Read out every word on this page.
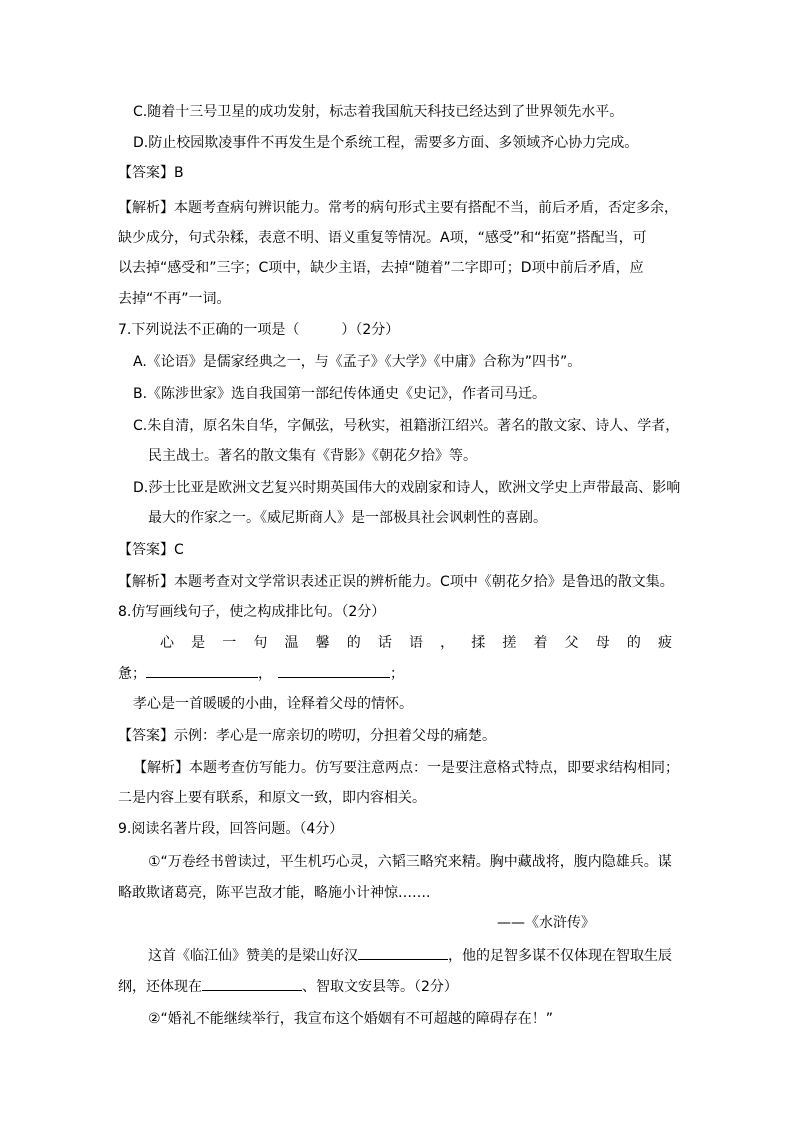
C.随着十三号卫星的成功发射，标志着我国航天科技已经达到了世界领先水平。
D.防止校园欺凌事件不再发生是个系统工程，需要多方面、多领域齐心协力完成。
【答案】B
【解析】本题考查病句辨识能力。常考的病句形式主要有搭配不当，前后矛盾，否定多余，
缺少成分，句式杂糅，表意不明、语义重复等情况。A项，“感受”和“拓宽”搭配当，可
以去掉“感受和”三字；C项中，缺少主语，去掉“随着”二字即可；D项中前后矛盾，应
去掉“不再”一词。
7.下列说法不正确的一项是（　　　）（2分）
A.《论语》是儒家经典之一，与《孟子》《大学》《中庸》合称为”四书”。
B.《陈涉世家》选自我国第一部纪传体通史《史记》，作者司马迁。
C.朱自清，原名朱自华，字佩弦，号秋实，祖籍浙江绍兴。著名的散文家、诗人、学者，
民主战士。著名的散文集有《背影》《朝花夕拾》等。
D.莎士比亚是欧洲文艺复兴时期英国伟大的戏剧家和诗人，欧洲文学史上声带最高、影响
最大的作家之一。《威尼斯商人》是一部极具社会讽刺性的喜剧。
【答案】C
【解析】本题考查对文学常识表述正误的辨析能力。C项中《朝花夕拾》是鲁迅的散文集。
8.仿写画线句子，使之构成排比句。（2分）
心是一句温馨的话语，揉搓着父母的疲
惫；	，	；
孝心是一首暖暖的小曲，诠释着父母的情怀。
【答案】示例：孝心是一席亲切的唠叨，分担着父母的痛楚。
【解析】本题考查仿写能力。仿写要注意两点：一是要注意格式特点，即要求结构相同；
二是内容上要有联系，和原文一致，即内容相关。
9.阅读名著片段，回答问题。（4分）
①“万卷经书曾读过，平生机巧心灵，六韬三略究来精。胸中藏战将，腹内隐雄兵。谋
略敢欺诸葛亮，陈平岂敌才能，略施小计神惊…….
——《水浒传》
这首《临江仙》赞美的是梁山好汉	，他的足智多谋不仅体现在智取生辰
纲，还体现在	、智取文安县等。（2分）
②“婚礼不能继续举行，我宣布这个婚姻有不可超越的障碍存在！”
